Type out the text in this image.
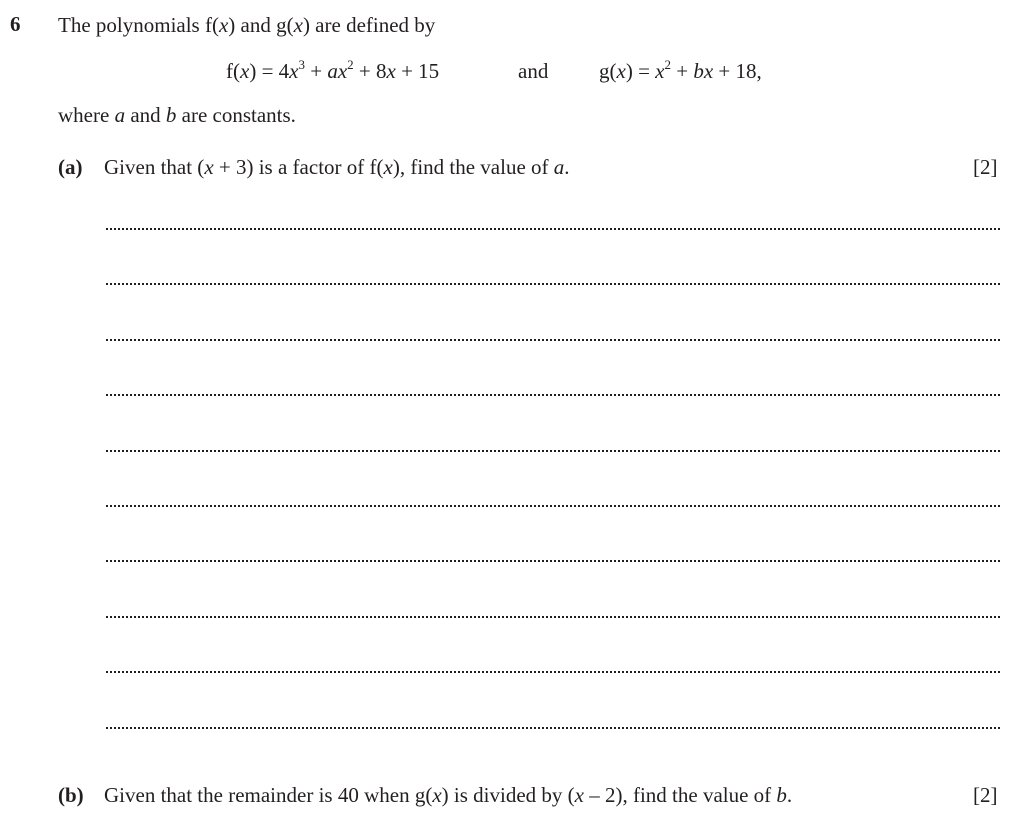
6 The polynomials f(x) and g(x) are defined by
$f(x) = 4x^3 + ax^2 + 8x + 15$	and $g(x) = x^2$ + bx + 18,
where a and b are constants.
(a) Given that (x + 3) is a factor of f(x), find the value of a.	[2]
(b) Given that the remainder is 40 when g(x) is divided by (x – 2), find the value of b.	[2]
